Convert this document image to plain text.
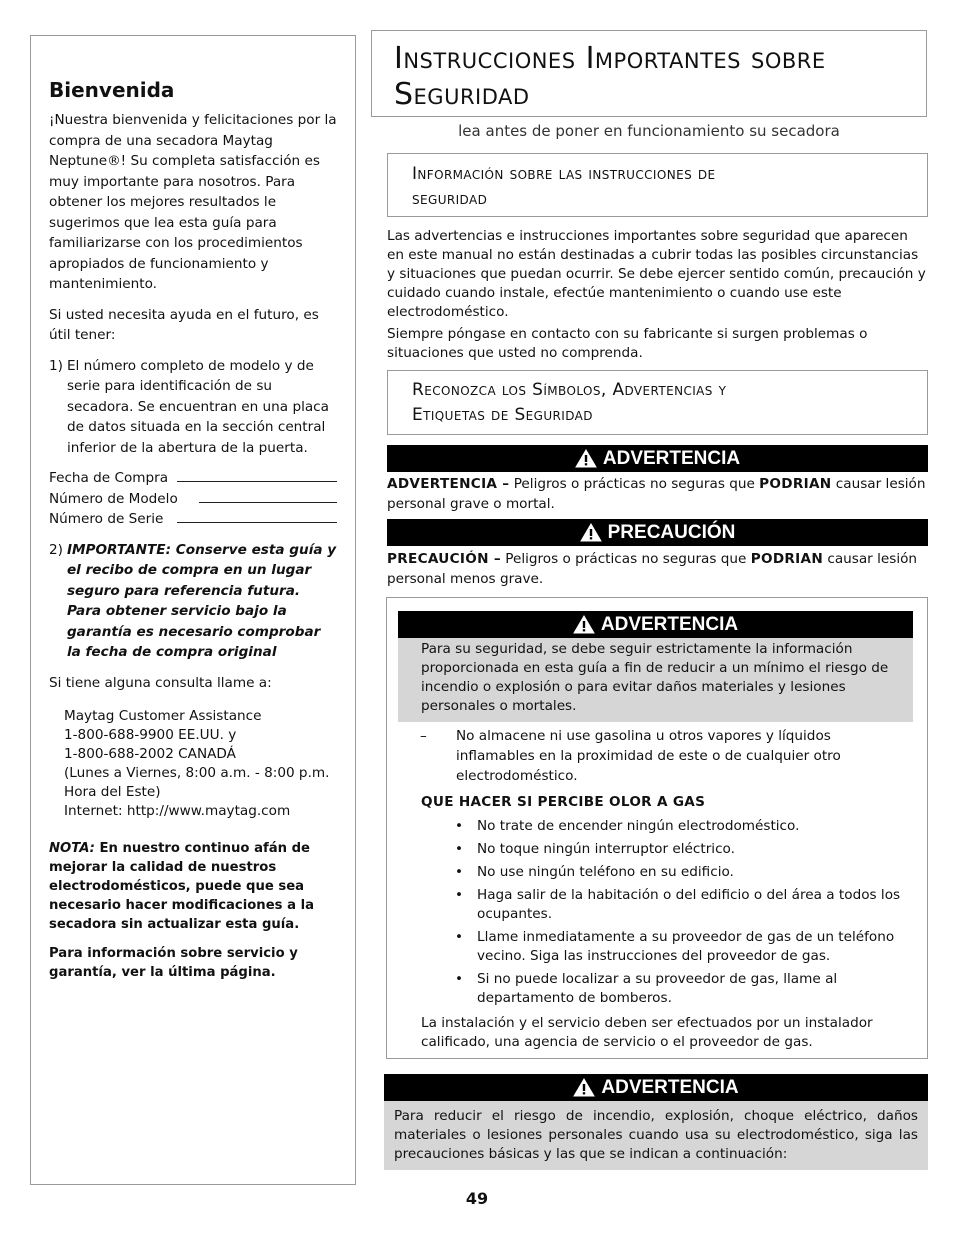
Bienvenida

¡Nuestra bienvenida y felicitaciones por la compra de una secadora Maytag Neptune®! Su completa satisfacción es muy importante para nosotros. Para obtener los mejores resultados le sugerimos que lea esta guía para familiarizarse con los procedimientos apropiados de funcionamiento y mantenimiento.

Si usted necesita ayuda en el futuro, es útil tener:

1) El número completo de modelo y de serie para identificación de su secadora. Se encuentran en una placa de datos situada en la sección central inferior de la abertura de la puerta.
Fecha de Compra
Número de Modelo
Número de Serie
2) IMPORTANTE: Conserve esta guía y el recibo de compra en un lugar seguro para referencia futura. Para obtener servicio bajo la garantía es necesario comprobar la fecha de compra original

Si tiene alguna consulta llame a:

Maytag Customer Assistance
1-800-688-9900 EE.UU. y
1-800-688-2002 CANADÁ
(Lunes a Viernes, 8:00 a.m. - 8:00 p.m.
Hora del Este)
Internet: http://www.maytag.com

NOTA: En nuestro continuo afán de mejorar la calidad de nuestros electrodomésticos, puede que sea necesario hacer modificaciones a la secadora sin actualizar esta guía.

Para información sobre servicio y garantía, ver la última página.

Instrucciones Importantes sobre
Seguridad
lea antes de poner en funcionamiento su secadora
Información sobre las instrucciones de
seguridad

Las advertencias e instrucciones importantes sobre seguridad que aparecen en este manual no están destinadas a cubrir todas las posibles circunstancias y situaciones que puedan ocurrir. Se debe ejercer sentido común, precaución y cuidado cuando instale, efectúe mantenimiento o cuando use este electrodoméstico.

Siempre póngase en contacto con su fabricante si surgen problemas o situaciones que usted no comprenda.

Reconozca los Símbolos, Advertencias y
Etiquetas de Seguridad
ADVERTENCIA
ADVERTENCIA – Peligros o prácticas no seguras que PODRIAN causar lesión personal grave o mortal.
PRECAUCIÓN
PRECAUCIÓN – Peligros o prácticas no seguras que PODRIAN causar lesión personal menos grave.
ADVERTENCIA
Para su seguridad, se debe seguir estrictamente la información proporcionada en esta guía a fin de reducir a un mínimo el riesgo de incendio o explosión o para evitar daños materiales y lesiones personales o mortales.
–	No almacene ni use gasolina u otros vapores y líquidos inflamables en la proximidad de este o de cualquier otro electrodoméstico.
QUE HACER SI PERCIBE OLOR A GAS
•	No trate de encender ningún electrodoméstico.
•	No toque ningún interruptor eléctrico.
•	No use ningún teléfono en su edificio.
•	Haga salir de la habitación o del edificio o del área a todos los ocupantes.
•	Llame inmediatamente a su proveedor de gas de un teléfono vecino. Siga las instrucciones del proveedor de gas.
•	Si no puede localizar a su proveedor de gas, llame al departamento de bomberos.
La instalación y el servicio deben ser efectuados por un instalador calificado, una agencia de servicio o el proveedor de gas.
ADVERTENCIA
Para reducir el riesgo de incendio, explosión, choque eléctrico, daños materiales o lesiones personales cuando usa su electrodoméstico, siga las precauciones básicas y las que se indican a continuación:
49
